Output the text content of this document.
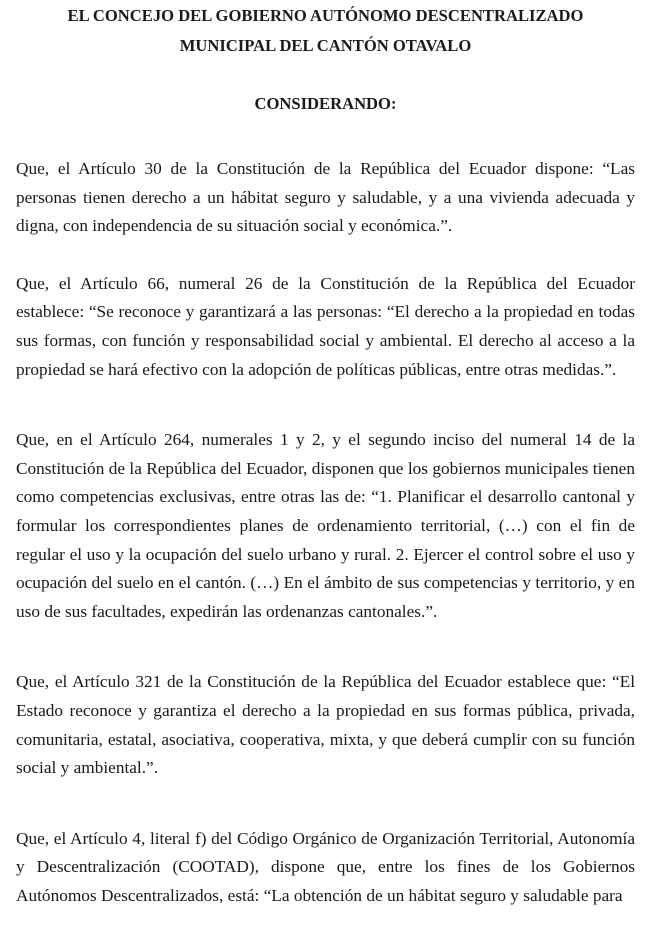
EL CONCEJO DEL GOBIERNO AUTÓNOMO DESCENTRALIZADO
MUNICIPAL DEL CANTÓN OTAVALO

CONSIDERANDO:

Que, el Artículo 30 de la Constitución de la República del Ecuador dispone: “Las personas tienen derecho a un hábitat seguro y saludable, y a una vivienda adecuada y digna, con independencia de su situación social y económica.”.

Que, el Artículo 66, numeral 26 de la Constitución de la República del Ecuador establece: “Se reconoce y garantizará a las personas: “El derecho a la propiedad en todas sus formas, con función y responsabilidad social y ambiental. El derecho al acceso a la propiedad se hará efectivo con la adopción de políticas públicas, entre otras medidas.”.

Que, en el Artículo 264, numerales 1 y 2, y el segundo inciso del numeral 14 de la Constitución de la República del Ecuador, disponen que los gobiernos municipales tienen como competencias exclusivas, entre otras las de: “1. Planificar el desarrollo cantonal y formular los correspondientes planes de ordenamiento territorial, (…) con el fin de regular el uso y la ocupación del suelo urbano y rural. 2. Ejercer el control sobre el uso y ocupación del suelo en el cantón. (…) En el ámbito de sus competencias y territorio, y en uso de sus facultades, expedirán las ordenanzas cantonales.”.

Que, el Artículo 321 de la Constitución de la República del Ecuador establece que: “El Estado reconoce y garantiza el derecho a la propiedad en sus formas pública, privada, comunitaria, estatal, asociativa, cooperativa, mixta, y que deberá cumplir con su función social y ambiental.”.

Que, el Artículo 4, literal f) del Código Orgánico de Organización Territorial, Autonomía y Descentralización (COOTAD), dispone que, entre los fines de los Gobiernos Autónomos Descentralizados, está: “La obtención de un hábitat seguro y saludable para
